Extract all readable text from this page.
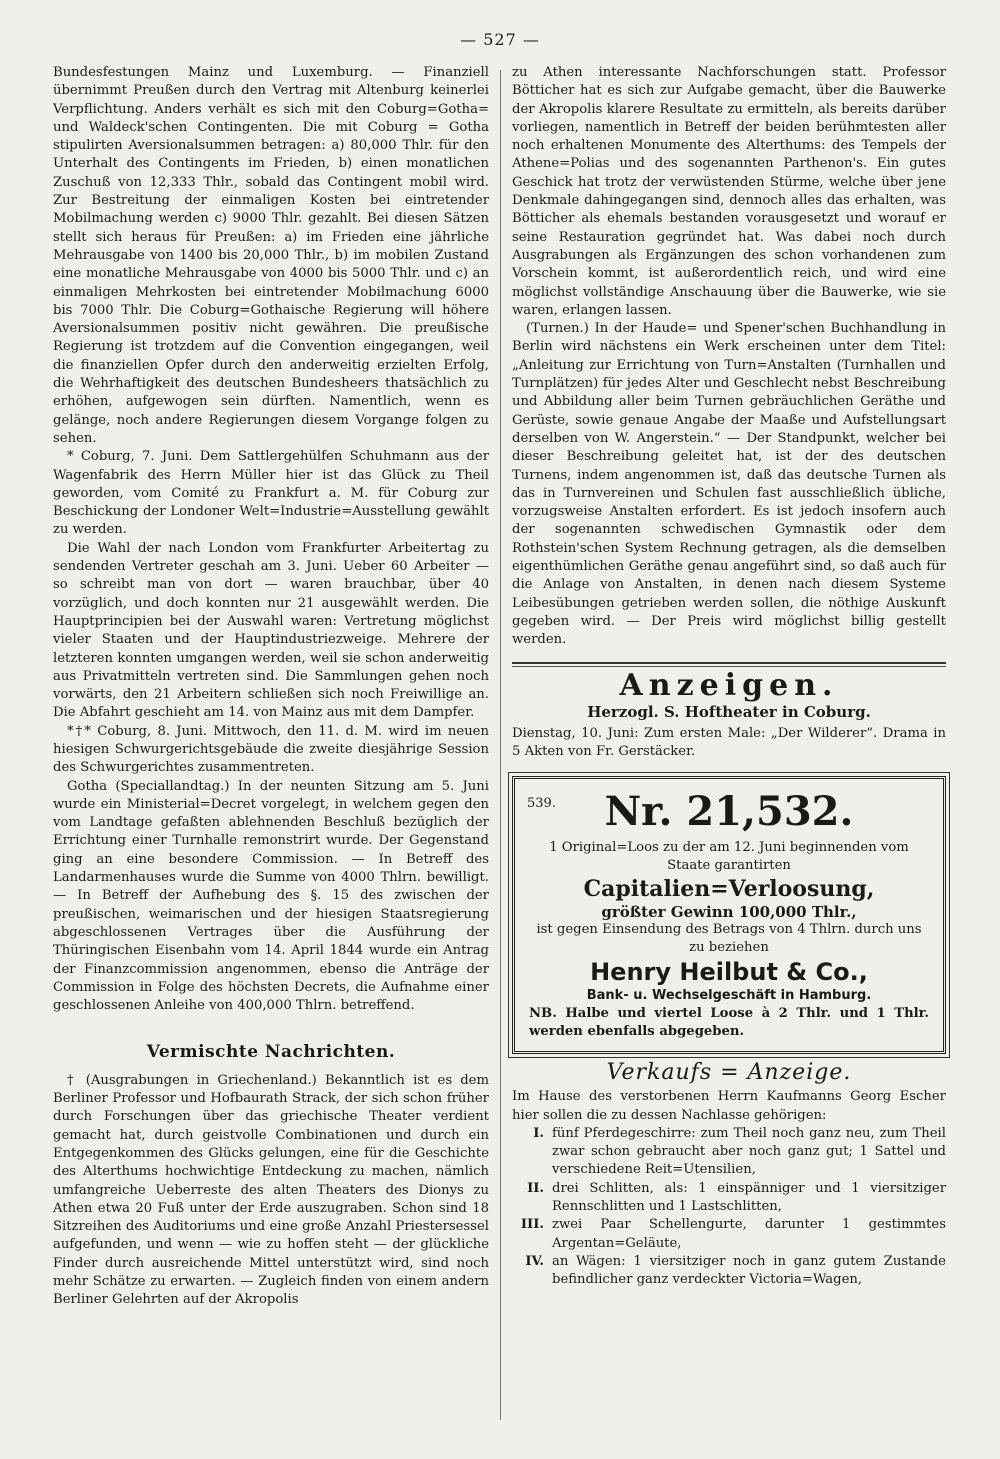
— 527 —

Bundesfestungen Mainz und Luxemburg. — Finanziell übernimmt Preußen durch den Vertrag mit Altenburg keinerlei Verpflichtung. Anders verhält es sich mit den Coburg=Gotha= und Waldeck'schen Contingenten. Die mit Coburg = Gotha stipulirten Aversionalsummen betragen: a) 80,000 Thlr. für den Unterhalt des Contingents im Frieden, b) einen monatlichen Zuschuß von 12,333 Thlr., sobald das Contingent mobil wird. Zur Bestreitung der einmaligen Kosten bei eintretender Mobilmachung werden c) 9000 Thlr. gezahlt. Bei diesen Sätzen stellt sich heraus für Preußen: a) im Frieden eine jährliche Mehrausgabe von 1400 bis 20,000 Thlr., b) im mobilen Zustand eine monatliche Mehrausgabe von 4000 bis 5000 Thlr. und c) an einmaligen Mehrkosten bei eintretender Mobilmachung 6000 bis 7000 Thlr. Die Coburg=Gothaische Regierung will höhere Aversionalsummen positiv nicht gewähren. Die preußische Regierung ist trotzdem auf die Convention eingegangen, weil die finanziellen Opfer durch den anderweitig erzielten Erfolg, die Wehrhaftigkeit des deutschen Bundesheers thatsächlich zu erhöhen, aufgewogen sein dürften. Namentlich, wenn es gelänge, noch andere Regierungen diesem Vorgange folgen zu sehen.

* Coburg, 7. Juni. Dem Sattlergehülfen Schuhmann aus der Wagenfabrik des Herrn Müller hier ist das Glück zu Theil geworden, vom Comité zu Frankfurt a. M. für Coburg zur Beschickung der Londoner Welt=Industrie=Ausstellung gewählt zu werden.

Die Wahl der nach London vom Frankfurter Arbeitertag zu sendenden Vertreter geschah am 3. Juni. Ueber 60 Arbeiter — so schreibt man von dort — waren brauchbar, über 40 vorzüglich, und doch konnten nur 21 ausgewählt werden. Die Hauptprincipien bei der Auswahl waren: Vertretung möglichst vieler Staaten und der Hauptindustriezweige. Mehrere der letzteren konnten umgangen werden, weil sie schon anderweitig aus Privatmitteln vertreten sind. Die Sammlungen gehen noch vorwärts, den 21 Arbeitern schließen sich noch Freiwillige an. Die Abfahrt geschieht am 14. von Mainz aus mit dem Dampfer.

*†* Coburg, 8. Juni. Mittwoch, den 11. d. M. wird im neuen hiesigen Schwurgerichtsgebäude die zweite diesjährige Session des Schwurgerichtes zusammentreten.

Gotha (Speciallandtag.) In der neunten Sitzung am 5. Juni wurde ein Ministerial=Decret vorgelegt, in welchem gegen den vom Landtage gefaßten ablehnenden Beschluß bezüglich der Errichtung einer Turnhalle remonstrirt wurde. Der Gegenstand ging an eine besondere Commission. — In Betreff des Landarmenhauses wurde die Summe von 4000 Thlrn. bewilligt. — In Betreff der Aufhebung des §. 15 des zwischen der preußischen, weimarischen und der hiesigen Staatsregierung abgeschlossenen Vertrages über die Ausführung der Thüringischen Eisenbahn vom 14. April 1844 wurde ein Antrag der Finanzcommission angenommen, ebenso die Anträge der Commission in Folge des höchsten Decrets, die Aufnahme einer geschlossenen Anleihe von 400,000 Thlrn. betreffend.

Vermischte Nachrichten.

† (Ausgrabungen in Griechenland.) Bekanntlich ist es dem Berliner Professor und Hofbaurath Strack, der sich schon früher durch Forschungen über das griechische Theater verdient gemacht hat, durch geistvolle Combinationen und durch ein Entgegenkommen des Glücks gelungen, eine für die Geschichte des Alterthums hochwichtige Entdeckung zu machen, nämlich umfangreiche Ueberreste des alten Theaters des Dionys zu Athen etwa 20 Fuß unter der Erde auszugraben. Schon sind 18 Sitzreihen des Auditoriums und eine große Anzahl Priestersessel aufgefunden, und wenn — wie zu hoffen steht — der glückliche Finder durch ausreichende Mittel unterstützt wird, sind noch mehr Schätze zu erwarten. — Zugleich finden von einem andern Berliner Gelehrten auf der Akropolis

zu Athen interessante Nachforschungen statt. Professor Bötticher hat es sich zur Aufgabe gemacht, über die Bauwerke der Akropolis klarere Resultate zu ermitteln, als bereits darüber vorliegen, namentlich in Betreff der beiden berühmtesten aller noch erhaltenen Monumente des Alterthums: des Tempels der Athene=Polias und des sogenannten Parthenon's. Ein gutes Geschick hat trotz der verwüstenden Stürme, welche über jene Denkmale dahingegangen sind, dennoch alles das erhalten, was Bötticher als ehemals bestanden vorausgesetzt und worauf er seine Restauration gegründet hat. Was dabei noch durch Ausgrabungen als Ergänzungen des schon vorhandenen zum Vorschein kommt, ist außerordentlich reich, und wird eine möglichst vollständige Anschauung über die Bauwerke, wie sie waren, erlangen lassen.

(Turnen.) In der Haude= und Spener'schen Buchhandlung in Berlin wird nächstens ein Werk erscheinen unter dem Titel: „Anleitung zur Errichtung von Turn=Anstalten (Turnhallen und Turnplätzen) für jedes Alter und Geschlecht nebst Beschreibung und Abbildung aller beim Turnen gebräuchlichen Geräthe und Gerüste, sowie genaue Angabe der Maaße und Aufstellungsart derselben von W. Angerstein.“ — Der Standpunkt, welcher bei dieser Beschreibung geleitet hat, ist der des deutschen Turnens, indem angenommen ist, daß das deutsche Turnen als das in Turnvereinen und Schulen fast ausschließlich übliche, vorzugsweise Anstalten erfordert. Es ist jedoch insofern auch der sogenannten schwedischen Gymnastik oder dem Rothstein'schen System Rechnung getragen, als die demselben eigenthümlichen Geräthe genau angeführt sind, so daß auch für die Anlage von Anstalten, in denen nach diesem Systeme Leibesübungen getrieben werden sollen, die nöthige Auskunft gegeben wird. — Der Preis wird möglichst billig gestellt werden.

Anzeigen.
Herzogl. S. Hoftheater in Coburg.

Dienstag, 10. Juni: Zum ersten Male: „Der Wilderer“. Drama in 5 Akten von Fr. Gerstäcker.

539.	Nr. 21,532.
1 Original=Loos zu der am 12. Juni beginnenden vom Staate garantirten
Capitalien=Verloosung,
größter Gewinn 100,000 Thlr.,
ist gegen Einsendung des Betrags von 4 Thlrn. durch uns zu beziehen
Henry Heilbut & Co.,
Bank- u. Wechselgeschäft in Hamburg.
NB. Halbe und viertel Loose à 2 Thlr. und 1 Thlr. werden ebenfalls abgegeben.
Verkaufs = Anzeige.

Im Hause des verstorbenen Herrn Kaufmanns Georg Escher hier sollen die zu dessen Nachlasse gehörigen:

I. fünf Pferdegeschirre: zum Theil noch ganz neu, zum Theil zwar schon gebraucht aber noch ganz gut; 1 Sattel und verschiedene Reit=Utensilien,
II. drei Schlitten, als: 1 einspänniger und 1 viersitziger Rennschlitten und 1 Lastschlitten,
III. zwei Paar Schellengurte, darunter 1 gestimmtes Argentan=Geläute,
IV. an Wägen: 1 viersitziger noch in ganz gutem Zustande befindlicher ganz verdeckter Victoria=Wagen,
